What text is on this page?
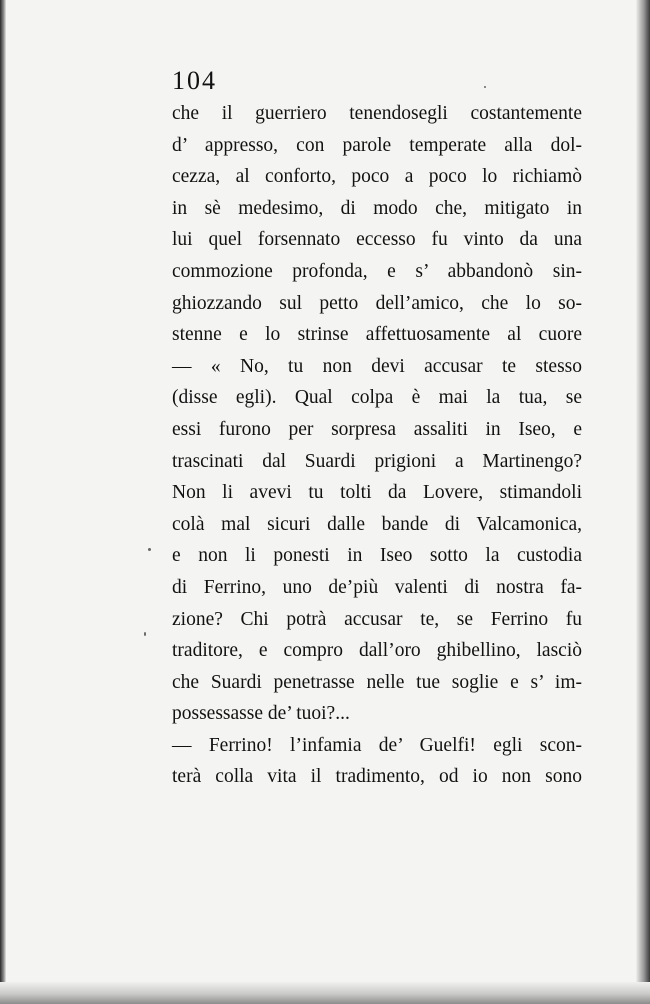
104
che il guerriero tenendosegli costantemente
d’ appresso, con parole temperate alla dol-
cezza, al conforto, poco a poco lo richiamò
in sè medesimo, di modo che, mitigato in
lui quel forsennato eccesso fu vinto da una
commozione profonda, e s’ abbandonò sin-
ghiozzando sul petto dell’amico, che lo so-
stenne e lo strinse affettuosamente al cuore
— « No, tu non devi accusar te stesso
(disse egli). Qual colpa è mai la tua, se
essi furono per sorpresa assaliti in Iseo, e
trascinati dal Suardi prigioni a Martinengo?
Non li avevi tu tolti da Lovere, stimandoli
colà mal sicuri dalle bande di Valcamonica,
e non li ponesti in Iseo sotto la custodia
di Ferrino, uno de’più valenti di nostra fa-
zione? Chi potrà accusar te, se Ferrino fu
traditore, e compro dall’oro ghibellino, lasciò
che Suardi penetrasse nelle tue soglie e s’ im-
possessasse de’ tuoi?...
— Ferrino! l’infamia de’ Guelfi! egli scon-
terà colla vita il tradimento, od io non sono
